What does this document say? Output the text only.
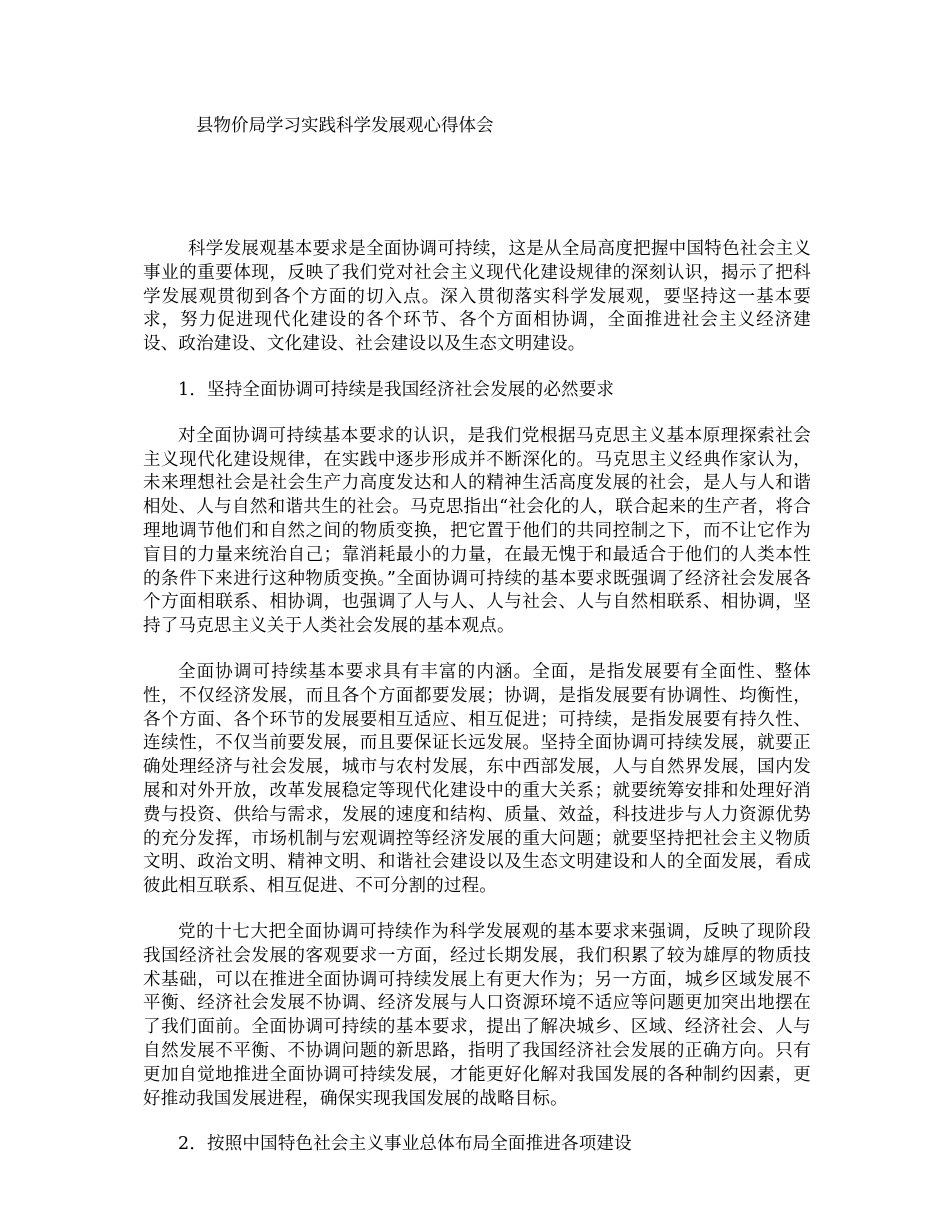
县物价局学习实践科学发展观心得体会

科学发展观基本要求是全面协调可持续，这是从全局高度把握中国特色社会主义事业的重要体现，反映了我们党对社会主义现代化建设规律的深刻认识，揭示了把科学发展观贯彻到各个方面的切入点。深入贯彻落实科学发展观，要坚持这一基本要求，努力促进现代化建设的各个环节、各个方面相协调，全面推进社会主义经济建设、政治建设、文化建设、社会建设以及生态文明建设。

1．坚持全面协调可持续是我国经济社会发展的必然要求

对全面协调可持续基本要求的认识，是我们党根据马克思主义基本原理探索社会主义现代化建设规律，在实践中逐步形成并不断深化的。马克思主义经典作家认为，未来理想社会是社会生产力高度发达和人的精神生活高度发展的社会，是人与人和谐相处、人与自然和谐共生的社会。马克思指出“社会化的人，联合起来的生产者，将合理地调节他们和自然之间的物质变换，把它置于他们的共同控制之下，而不让它作为盲目的力量来统治自己；靠消耗最小的力量，在最无愧于和最适合于他们的人类本性的条件下来进行这种物质变换。”全面协调可持续的基本要求既强调了经济社会发展各个方面相联系、相协调，也强调了人与人、人与社会、人与自然相联系、相协调，坚持了马克思主义关于人类社会发展的基本观点。

全面协调可持续基本要求具有丰富的内涵。全面，是指发展要有全面性、整体性，不仅经济发展，而且各个方面都要发展；协调，是指发展要有协调性、均衡性，各个方面、各个环节的发展要相互适应、相互促进；可持续，是指发展要有持久性、连续性，不仅当前要发展，而且要保证长远发展。坚持全面协调可持续发展，就要正确处理经济与社会发展，城市与农村发展，东中西部发展，人与自然界发展，国内发展和对外开放，改革发展稳定等现代化建设中的重大关系；就要统筹安排和处理好消费与投资、供给与需求，发展的速度和结构、质量、效益，科技进步与人力资源优势的充分发挥，市场机制与宏观调控等经济发展的重大问题；就要坚持把社会主义物质文明、政治文明、精神文明、和谐社会建设以及生态文明建设和人的全面发展，看成彼此相互联系、相互促进、不可分割的过程。

党的十七大把全面协调可持续作为科学发展观的基本要求来强调，反映了现阶段我国经济社会发展的客观要求一方面，经过长期发展，我们积累了较为雄厚的物质技术基础，可以在推进全面协调可持续发展上有更大作为；另一方面，城乡区域发展不平衡、经济社会发展不协调、经济发展与人口资源环境不适应等问题更加突出地摆在了我们面前。全面协调可持续的基本要求，提出了解决城乡、区域、经济社会、人与自然发展不平衡、不协调问题的新思路，指明了我国经济社会发展的正确方向。只有更加自觉地推进全面协调可持续发展，才能更好化解对我国发展的各种制约因素，更好推动我国发展进程，确保实现我国发展的战略目标。

2．按照中国特色社会主义事业总体布局全面推进各项建设
